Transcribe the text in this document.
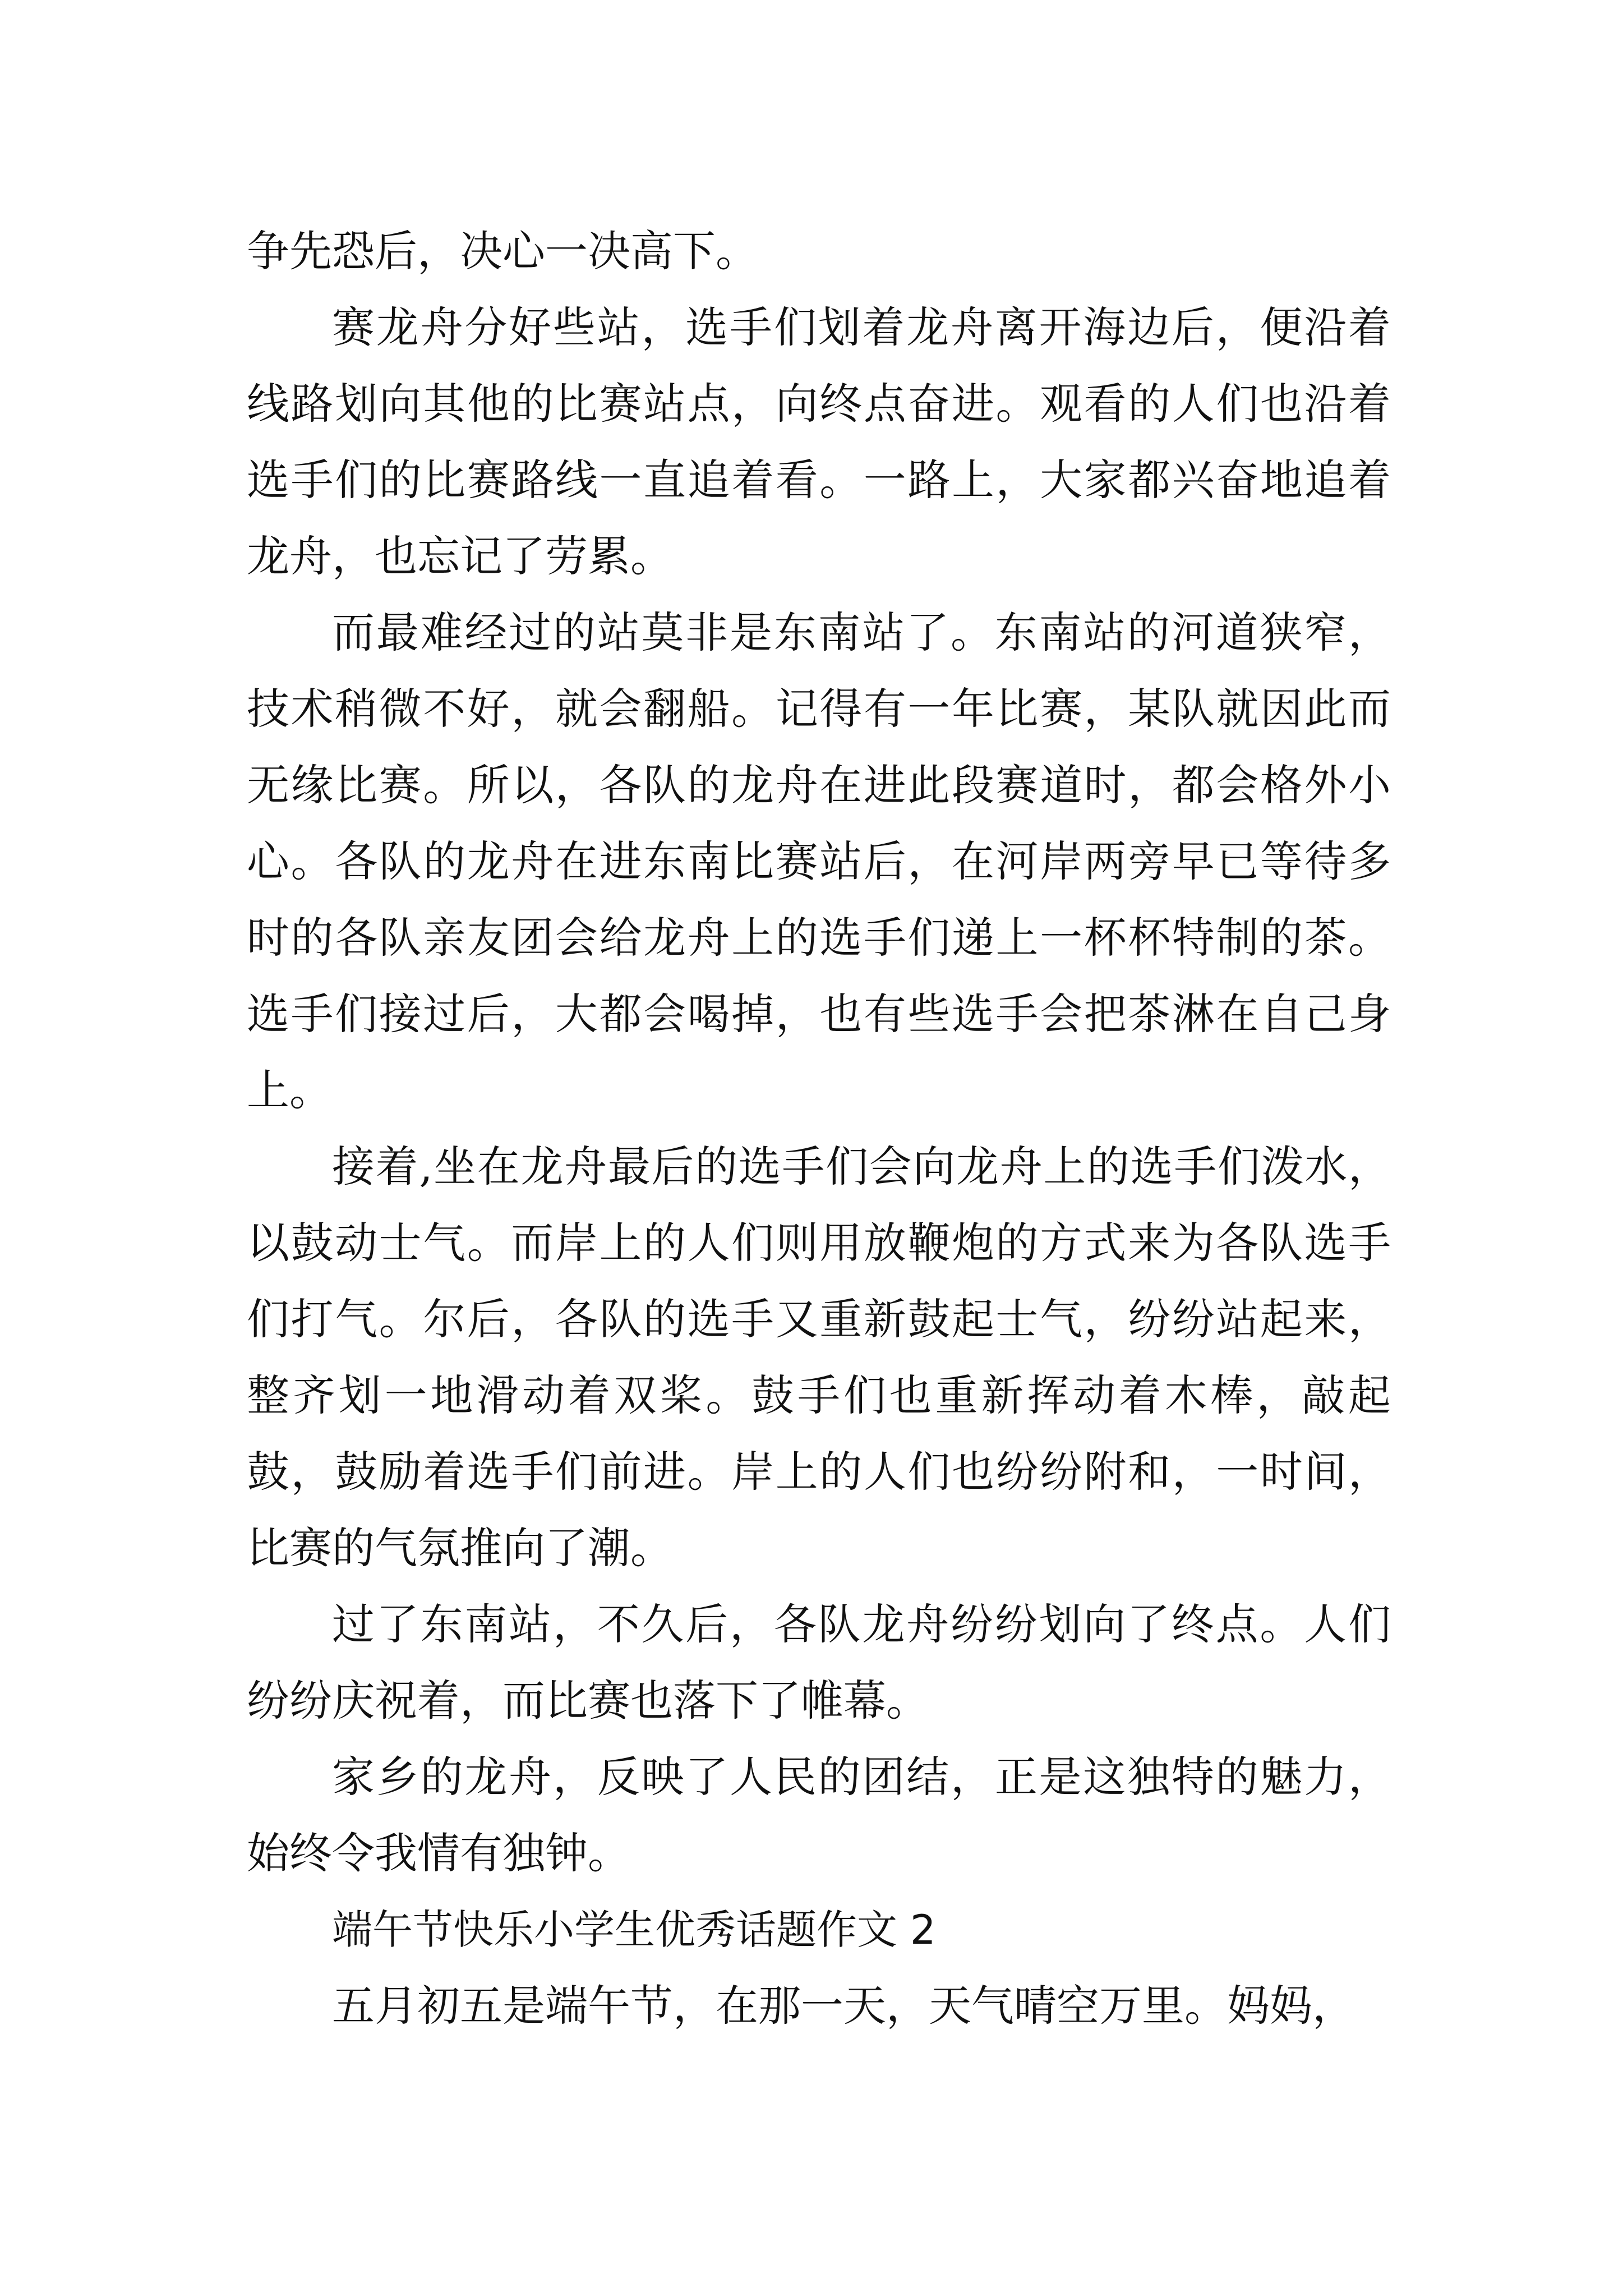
争先恐后，决心一决高下。

赛龙舟分好些站，选手们划着龙舟离开海边后，便沿着线路划向其他的比赛站点，向终点奋进。观看的人们也沿着选手们的比赛路线一直追着看。一路上，大家都兴奋地追着龙舟，也忘记了劳累。

而最难经过的站莫非是东南站了。东南站的河道狭窄，技术稍微不好，就会翻船。记得有一年比赛，某队就因此而无缘比赛。所以，各队的龙舟在进此段赛道时，都会格外小心。各队的龙舟在进东南比赛站后，在河岸两旁早已等待多时的各队亲友团会给龙舟上的选手们递上一杯杯特制的茶。选手们接过后，大都会喝掉，也有些选手会把茶淋在自己身上。

接着,坐在龙舟最后的选手们会向龙舟上的选手们泼水，以鼓动士气。而岸上的人们则用放鞭炮的方式来为各队选手们打气。尔后，各队的选手又重新鼓起士气，纷纷站起来，整齐划一地滑动着双桨。鼓手们也重新挥动着木棒，敲起鼓，鼓励着选手们前进。岸上的人们也纷纷附和，一时间，比赛的气氛推向了潮。

过了东南站，不久后，各队龙舟纷纷划向了终点。人们纷纷庆祝着，而比赛也落下了帷幕。

家乡的龙舟，反映了人民的团结，正是这独特的魅力，始终令我情有独钟。

端午节快乐小学生优秀话题作文 2

五月初五是端午节，在那一天，天气晴空万里。妈妈，
